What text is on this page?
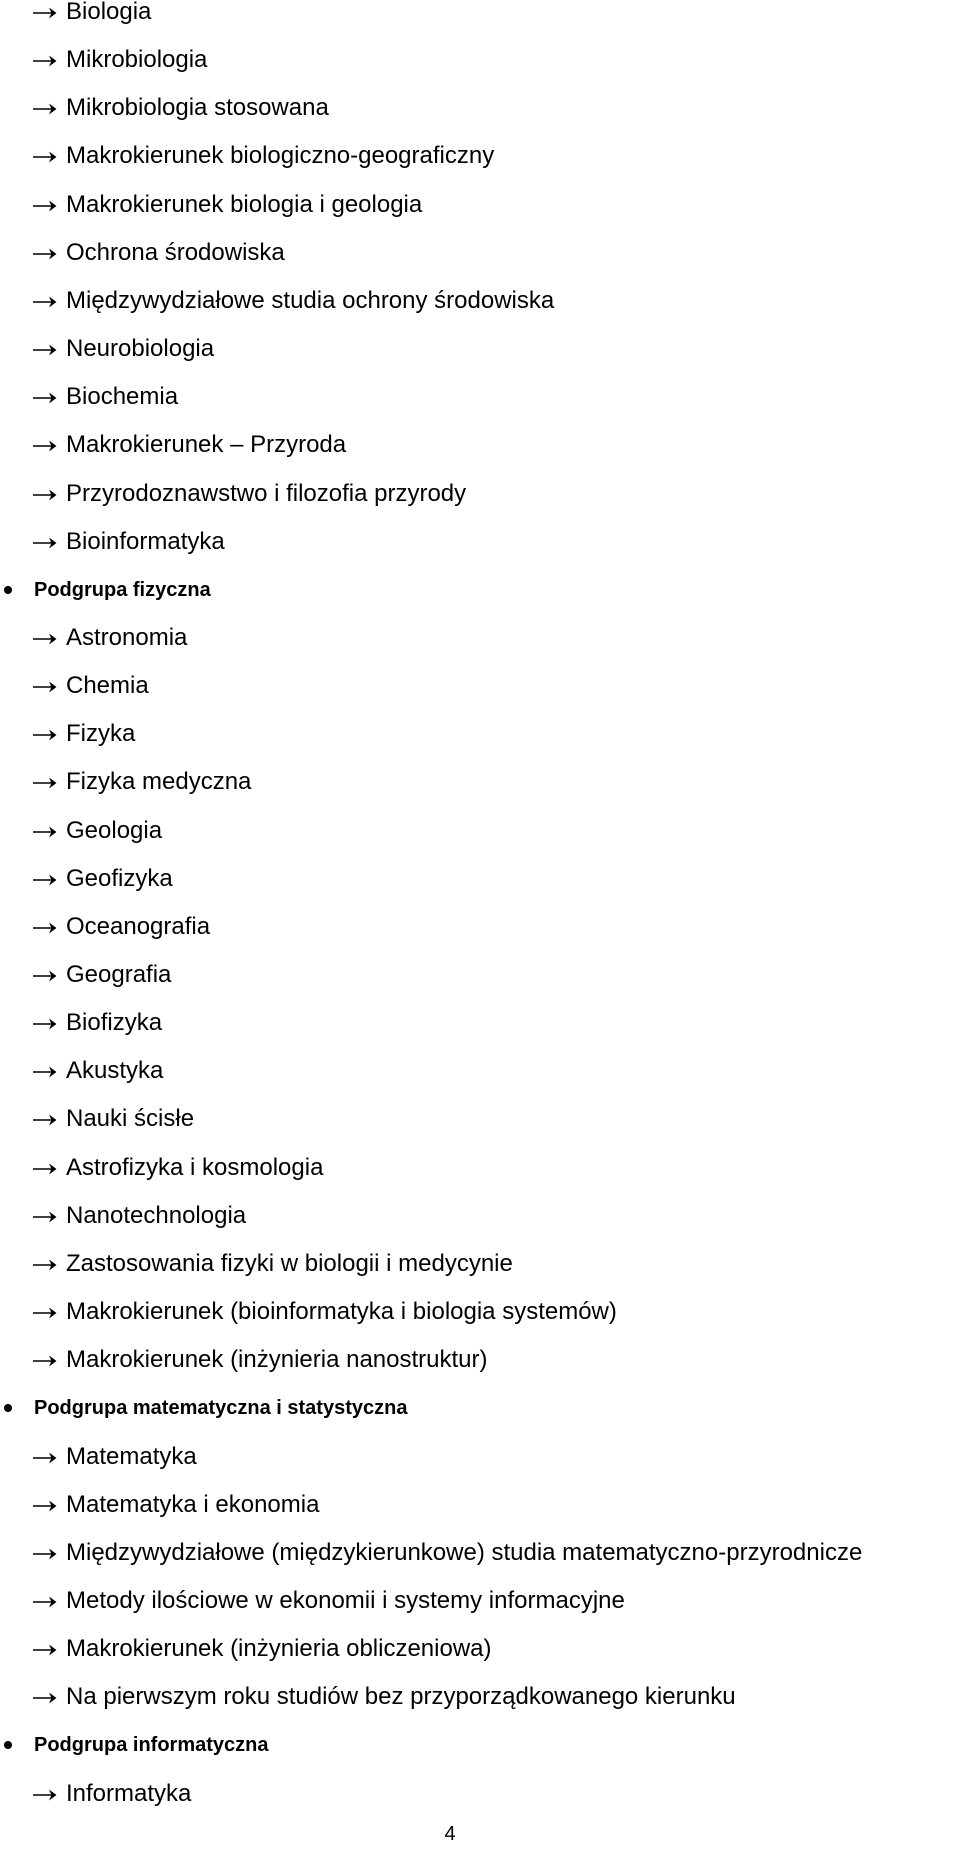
Biologia
Mikrobiologia
Mikrobiologia stosowana
Makrokierunek biologiczno-geograficzny
Makrokierunek biologia i geologia
Ochrona środowiska
Międzywydziałowe studia ochrony środowiska
Neurobiologia
Biochemia
Makrokierunek – Przyroda
Przyrodoznawstwo i filozofia przyrody
Bioinformatyka
Podgrupa fizyczna
Astronomia
Chemia
Fizyka
Fizyka medyczna
Geologia
Geofizyka
Oceanografia
Geografia
Biofizyka
Akustyka
Nauki ścisłe
Astrofizyka i kosmologia
Nanotechnologia
Zastosowania fizyki w biologii i medycynie
Makrokierunek (bioinformatyka i biologia systemów)
Makrokierunek (inżynieria nanostruktur)
Podgrupa matematyczna i statystyczna
Matematyka
Matematyka i ekonomia
Międzywydziałowe (międzykierunkowe) studia matematyczno-przyrodnicze
Metody ilościowe w ekonomii i systemy informacyjne
Makrokierunek (inżynieria obliczeniowa)
Na pierwszym roku studiów bez przyporządkowanego kierunku
Podgrupa informatyczna
Informatyka
4
